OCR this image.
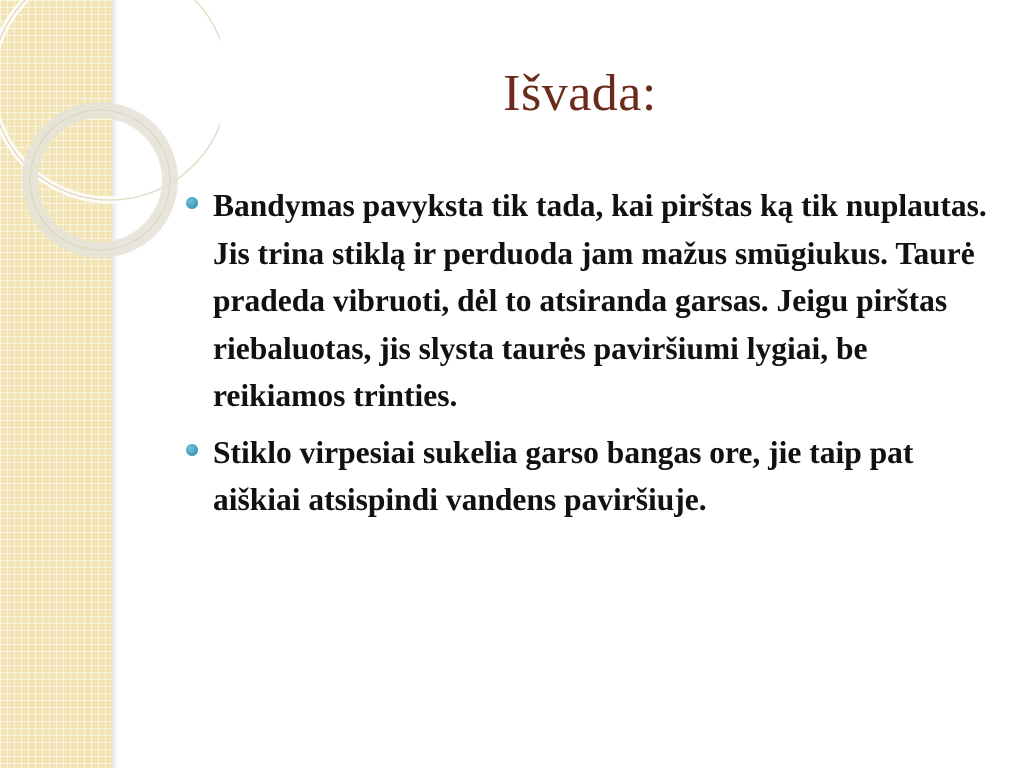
Išvada:
Bandymas pavyksta tik tada, kai pirštas ką tik nuplautas. Jis trina stiklą ir perduoda jam mažus smūgiukus. Taurė pradeda vibruoti, dėl to atsiranda garsas. Jeigu pirštas riebaluotas, jis slysta taurės paviršiumi lygiai, be reikiamos trinties.
Stiklo virpesiai sukelia garso bangas ore, jie taip pat aiškiai atsispindi vandens paviršiuje.
